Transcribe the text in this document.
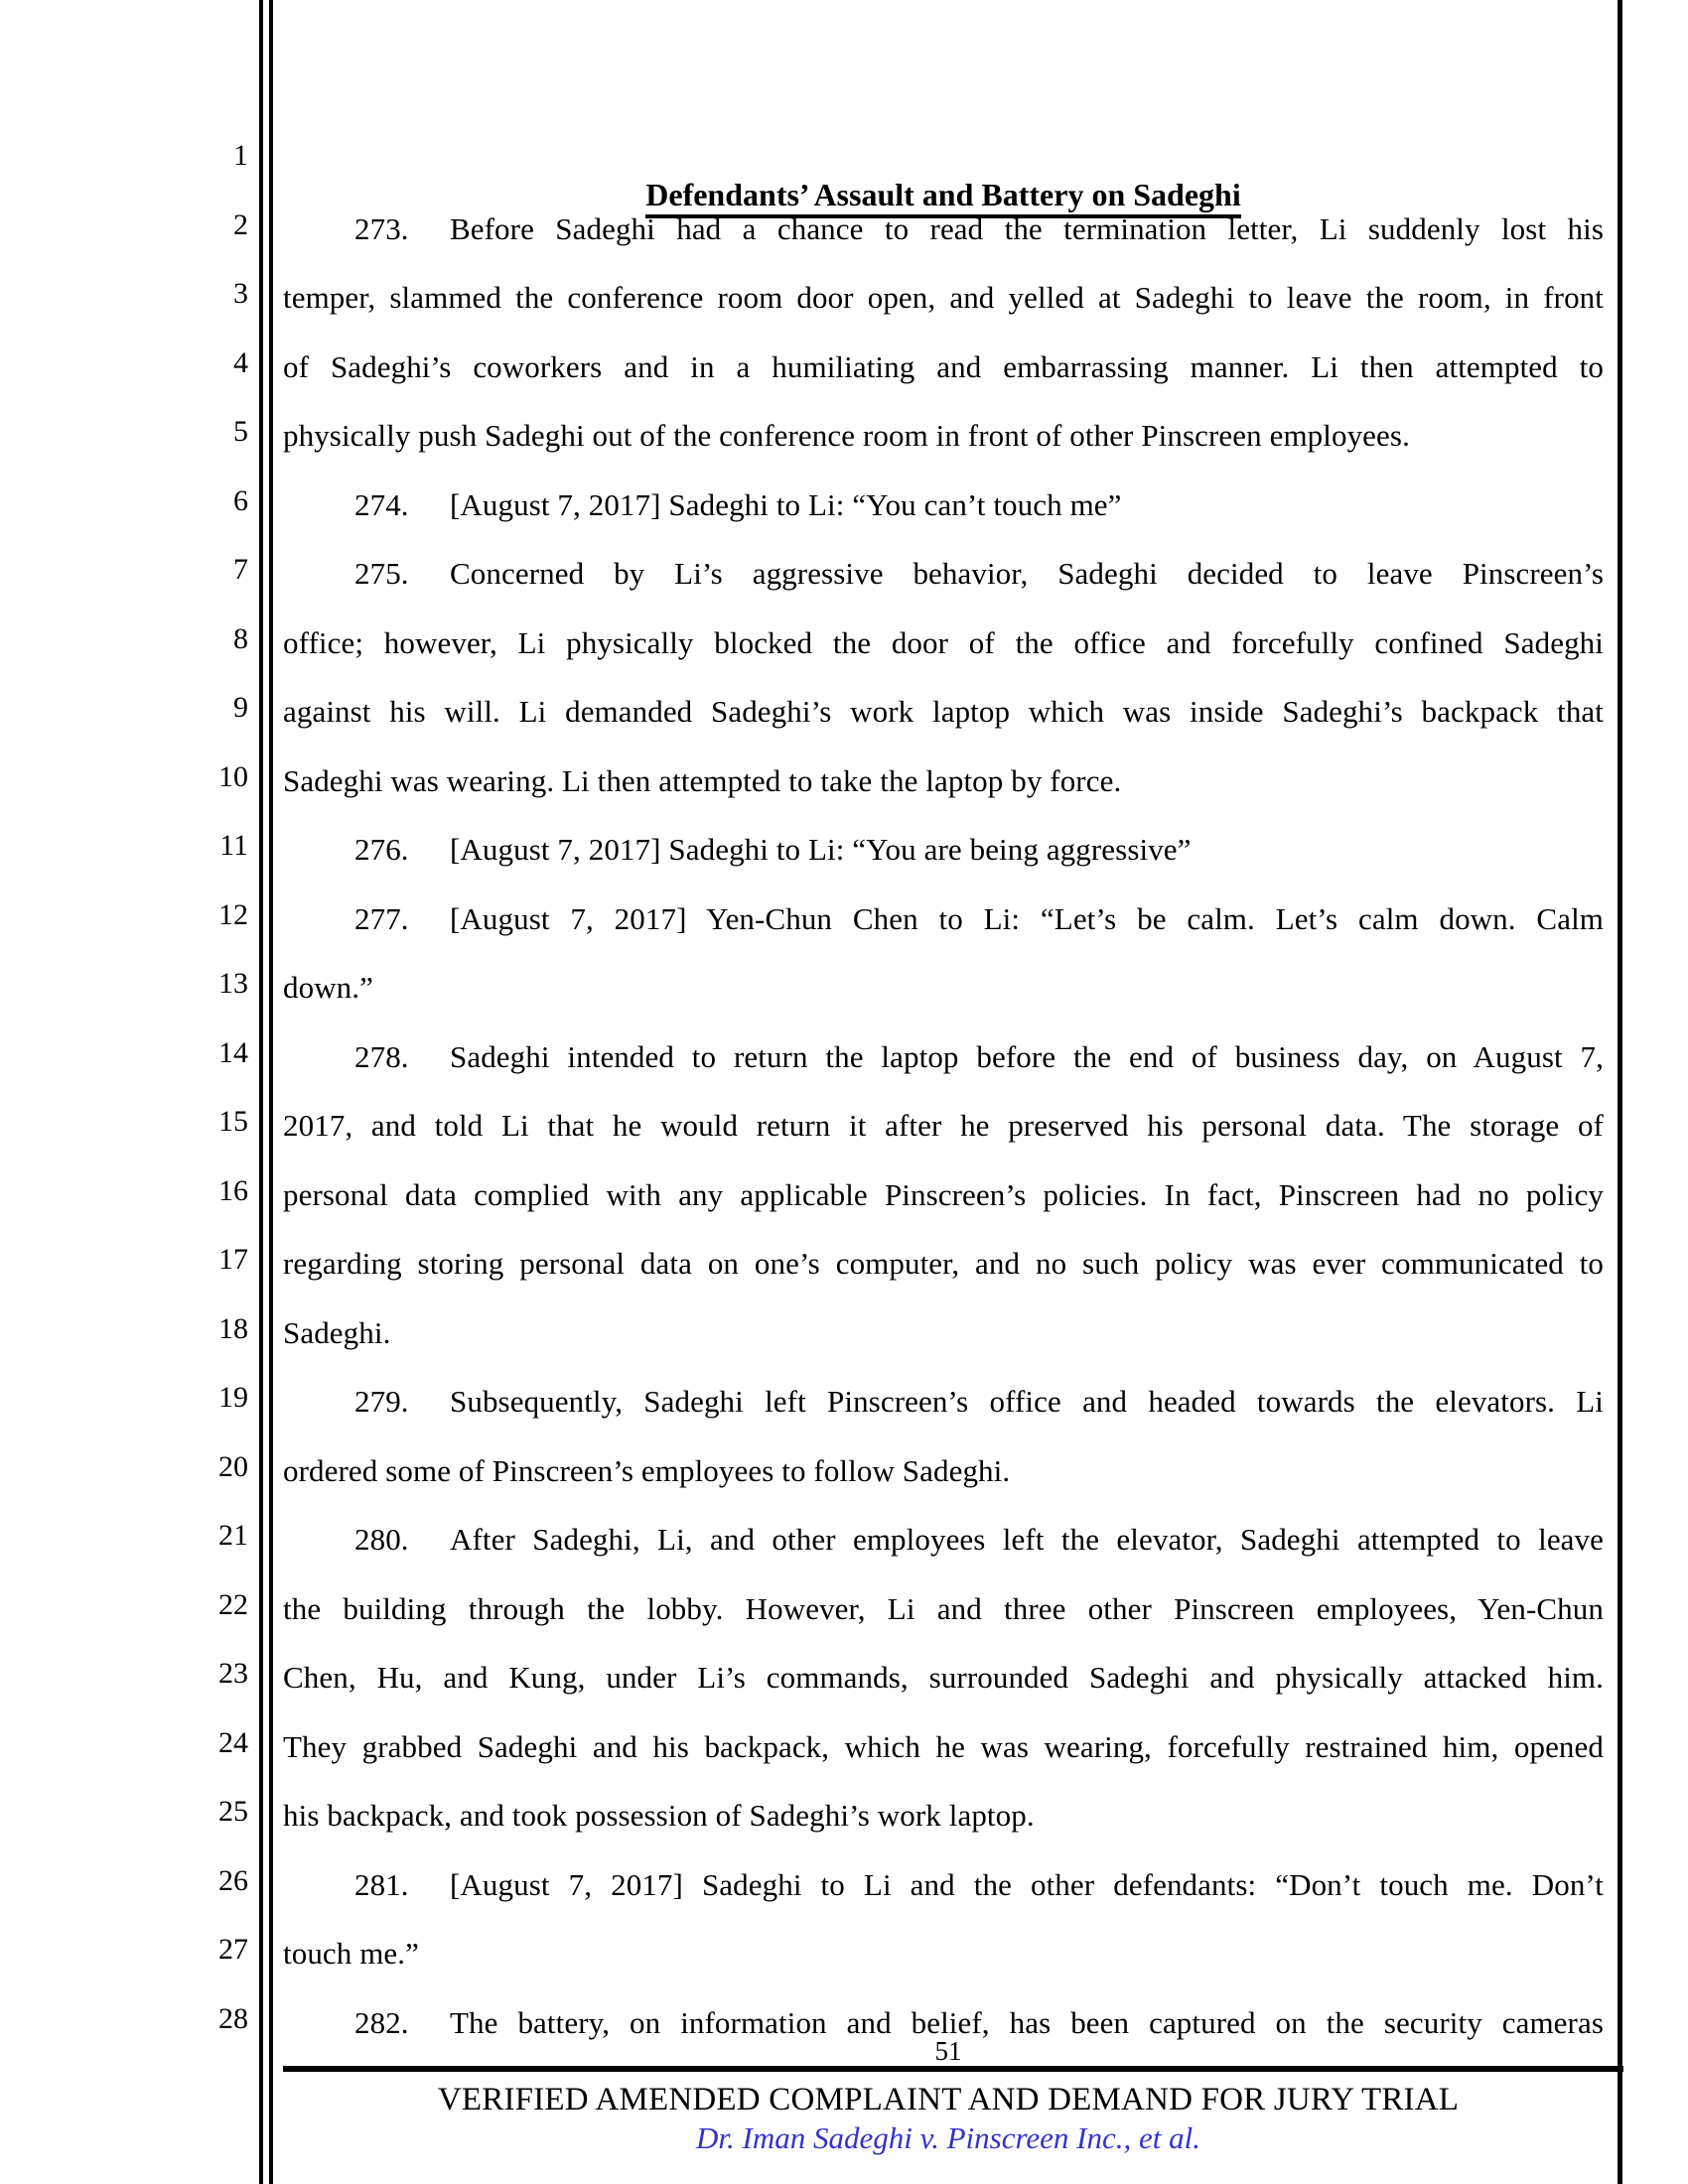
1
2
3
4
5
6
7
8
9
10
11
12
13
14
15
16
17
18
19
20
21
22
23
24
25
26
27
28
Defendants’ Assault and Battery on Sadeghi
273. Before Sadeghi had a chance to read the termination letter, Li suddenly lost his
temper, slammed the conference room door open, and yelled at Sadeghi to leave the room, in front
of Sadeghi’s coworkers and in a humiliating and embarrassing manner. Li then attempted to
physically push Sadeghi out of the conference room in front of other Pinscreen employees.
274. [August 7, 2017] Sadeghi to Li: “You can’t touch me”
275. Concerned by Li’s aggressive behavior, Sadeghi decided to leave Pinscreen’s
office; however, Li physically blocked the door of the office and forcefully confined Sadeghi
against his will. Li demanded Sadeghi’s work laptop which was inside Sadeghi’s backpack that
Sadeghi was wearing. Li then attempted to take the laptop by force.
276. [August 7, 2017] Sadeghi to Li: “You are being aggressive”
277. [August 7, 2017] Yen-Chun Chen to Li: “Let’s be calm. Let’s calm down. Calm
down.”
278. Sadeghi intended to return the laptop before the end of business day, on August 7,
2017, and told Li that he would return it after he preserved his personal data. The storage of
personal data complied with any applicable Pinscreen’s policies. In fact, Pinscreen had no policy
regarding storing personal data on one’s computer, and no such policy was ever communicated to
Sadeghi.
279. Subsequently, Sadeghi left Pinscreen’s office and headed towards the elevators. Li
ordered some of Pinscreen’s employees to follow Sadeghi.
280. After Sadeghi, Li, and other employees left the elevator, Sadeghi attempted to leave
the building through the lobby. However, Li and three other Pinscreen employees, Yen-Chun
Chen, Hu, and Kung, under Li’s commands, surrounded Sadeghi and physically attacked him.
They grabbed Sadeghi and his backpack, which he was wearing, forcefully restrained him, opened
his backpack, and took possession of Sadeghi’s work laptop.
281. [August 7, 2017] Sadeghi to Li and the other defendants: “Don’t touch me. Don’t
touch me.”
282. The battery, on information and belief, has been captured on the security cameras
51
VERIFIED AMENDED COMPLAINT AND DEMAND FOR JURY TRIAL
Dr. Iman Sadeghi v. Pinscreen Inc., et al.
